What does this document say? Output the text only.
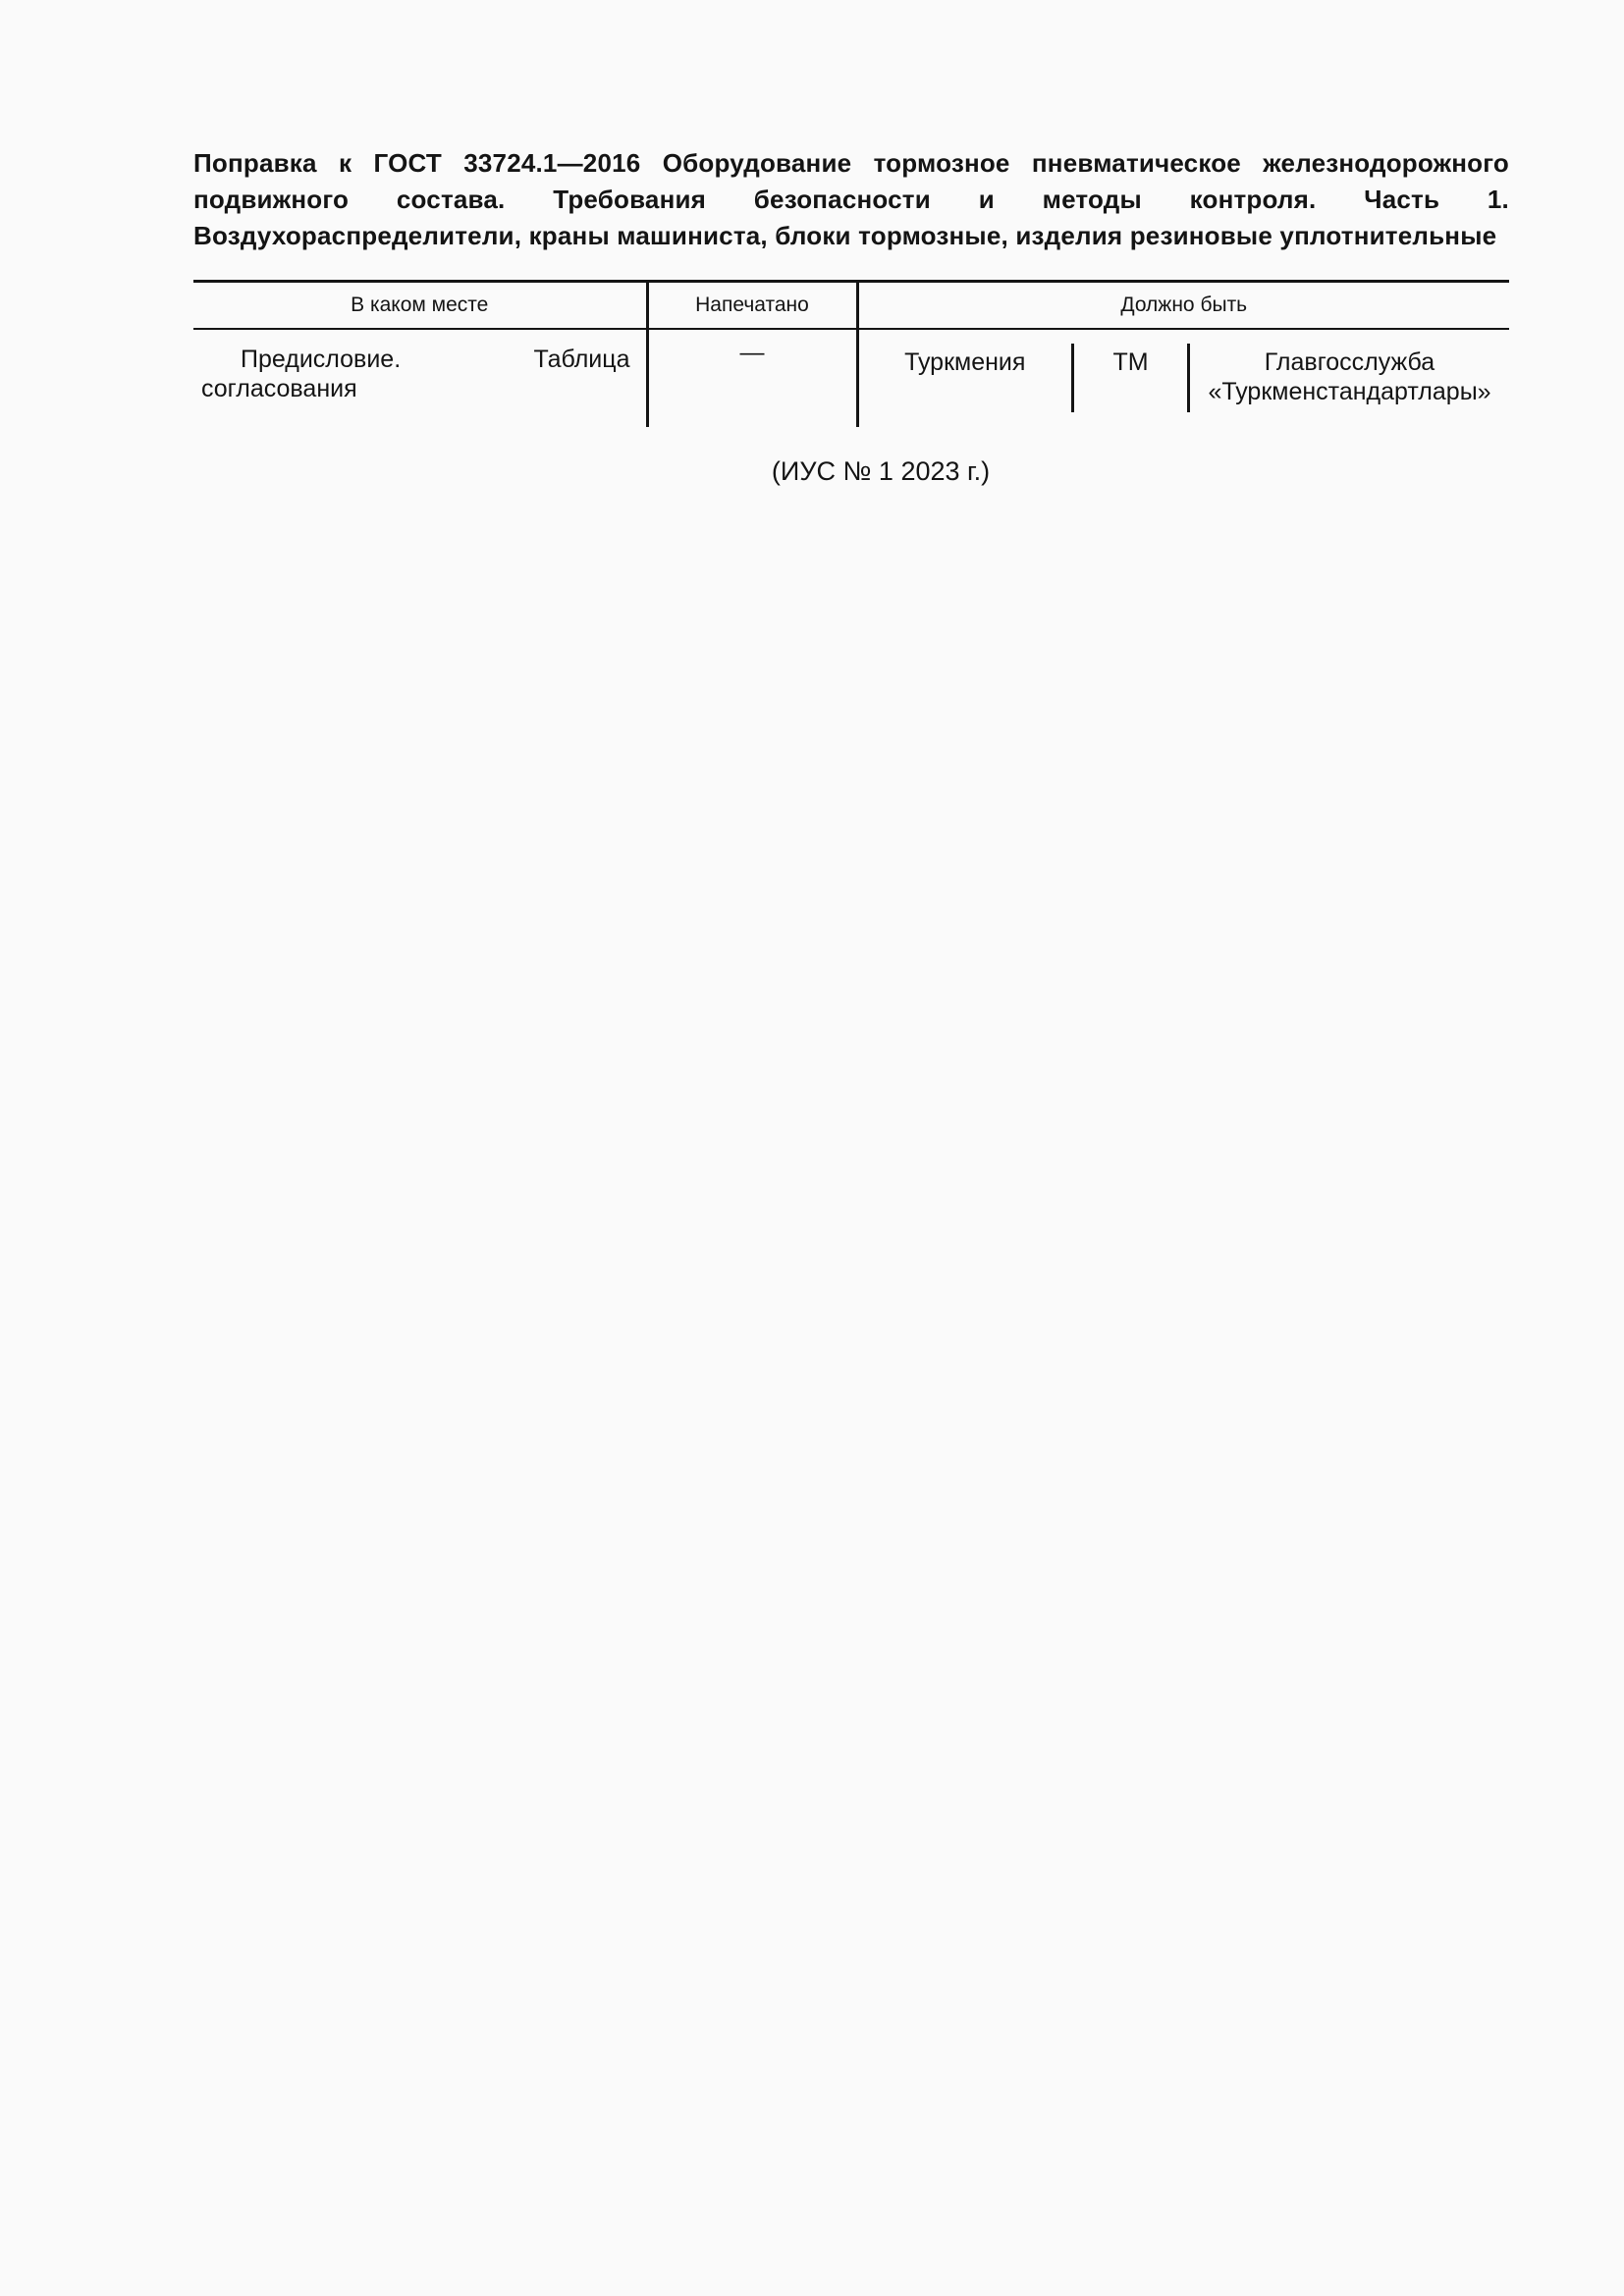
Поправка к ГОСТ 33724.1—2016 Оборудование тормозное пневматическое железнодорожного подвижного состава. Требования безопасности и методы контроля. Часть 1. Воздухораспределители, краны машиниста, блоки тормозные, изделия резиновые уплотнительные

В каком месте	Напечатано	Должно быть		
Предисловие. Таблица согласования	—	Туркмения	TM	Главгосслужба «Туркменстандартлары»
(ИУС № 1 2023 г.)
